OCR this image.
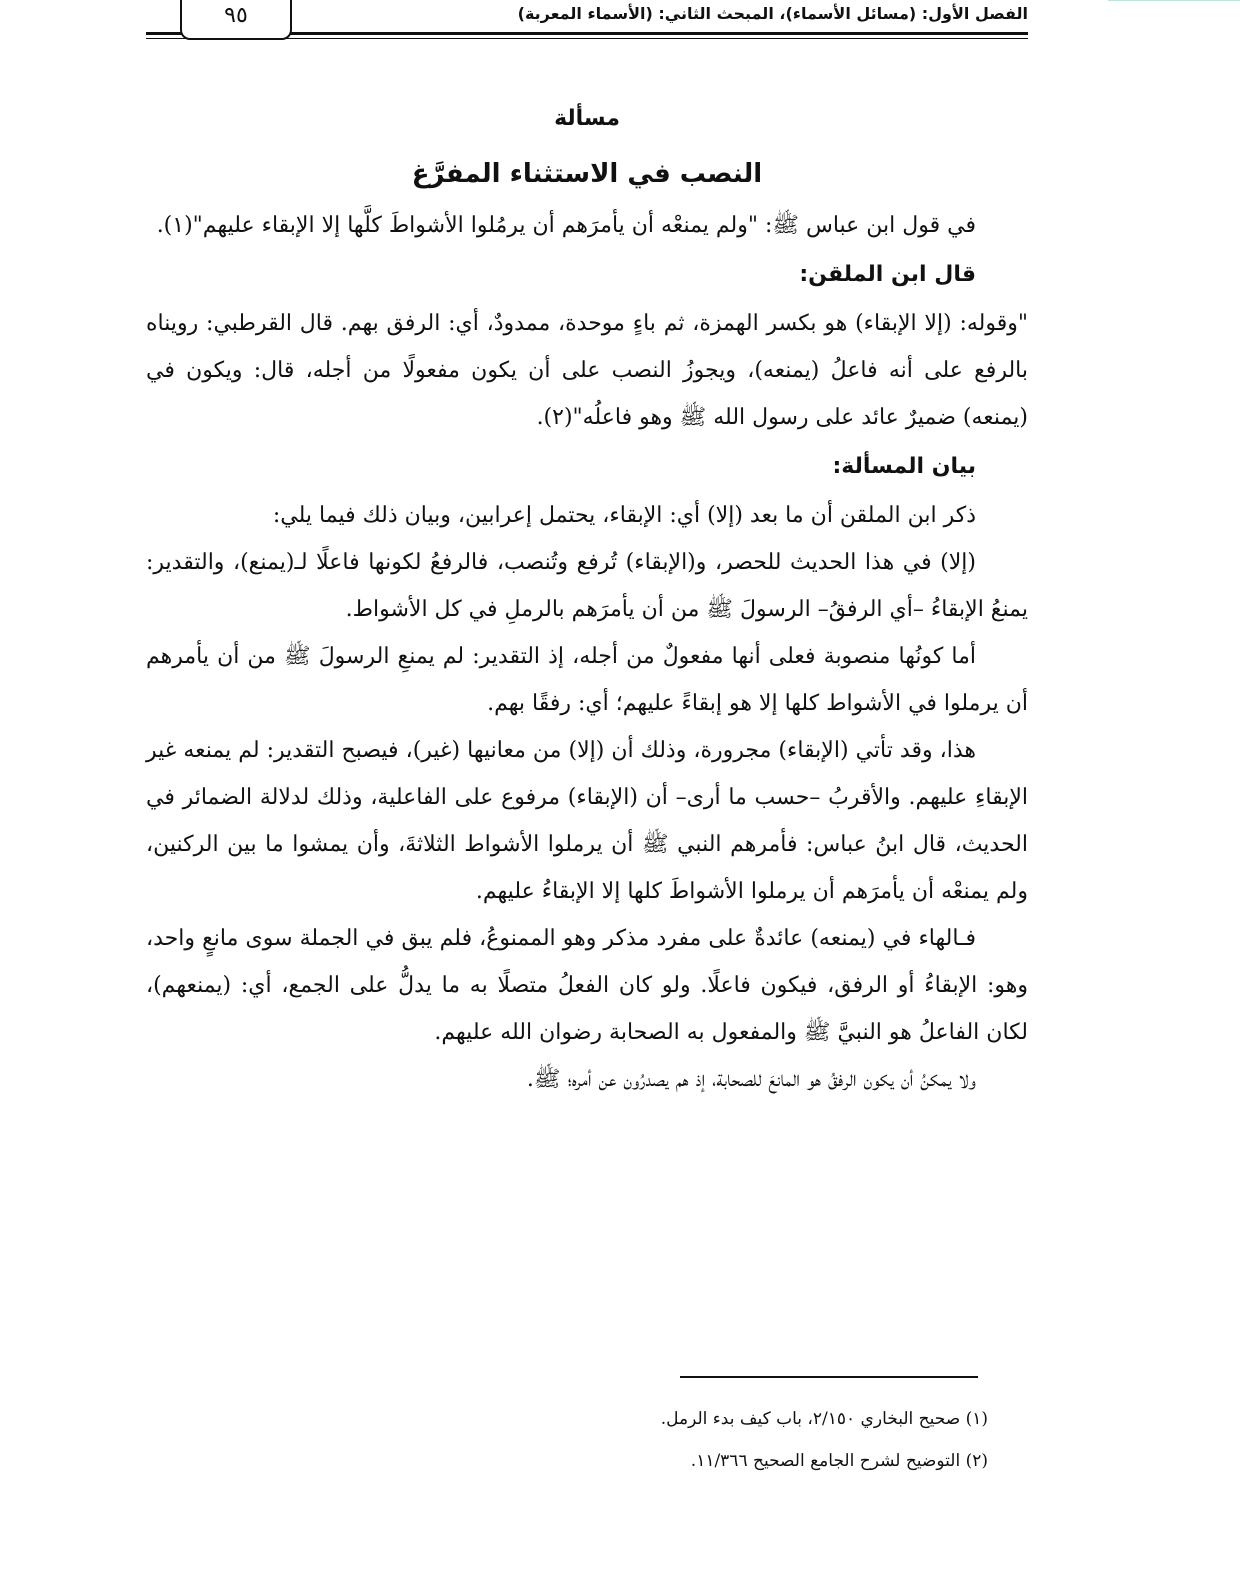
٩٥	الفصل الأول: (مسائل الأسماء)، المبحث الثاني: (الأسماء المعربة)
مسألة
النصب في الاستثناء المفرَّغ

في قول ابن عباس ﷺ: "ولم يمنعْه أن يأمرَهم أن يرمُلوا الأشواطَ كلَّها إلا الإبقاء عليهم"(١).

قال ابن الملقن:

"وقوله: (إلا الإبقاء) هو بكسر الهمزة، ثم باءٍ موحدة، ممدودٌ، أي: الرفق بهم. قال القرطبي: رويناه بالرفع على أنه فاعلُ (يمنعه)، ويجوزُ النصب على أن يكون مفعولًا من أجله، قال: ويكون في (يمنعه) ضميرٌ عائد على رسول الله ﷺ وهو فاعلُه"(٢).

بيان المسألة:

ذكر ابن الملقن أن ما بعد (إلا) أي: الإبقاء، يحتمل إعرابين، وبيان ذلك فيما يلي:

(إلا) في هذا الحديث للحصر، و(الإبقاء) تُرفع وتُنصب، فالرفعُ لكونها فاعلًا لـ(يمنع)، والتقدير: يمنعُ الإبقاءُ –أي الرفقُ– الرسولَ ﷺ من أن يأمرَهم بالرملِ في كل الأشواط.

أما كونُها منصوبة فعلى أنها مفعولٌ من أجله، إذ التقدير: لم يمنعِ الرسولَ ﷺ من أن يأمرهم أن يرملوا في الأشواط كلها إلا هو إبقاءً عليهم؛ أي: رفقًا بهم.

هذا، وقد تأتي (الإبقاء) مجرورة، وذلك أن (إلا) من معانيها (غير)، فيصبح التقدير: لم يمنعه غير الإبقاءِ عليهم. والأقربُ –حسب ما أرى– أن (الإبقاء) مرفوع على الفاعلية، وذلك لدلالة الضمائر في الحديث، قال ابنُ عباس: فأمرهم النبي ﷺ أن يرملوا الأشواط الثلاثةَ، وأن يمشوا ما بين الركنين، ولم يمنعْه أن يأمرَهم أن يرملوا الأشواطَ كلها إلا الإبقاءُ عليهم.

فـالهاء في (يمنعه) عائدةٌ على مفرد مذكر وهو الممنوعُ، فلم يبق في الجملة سوى مانعٍ واحد، وهو: الإبقاءُ أو الرفق، فيكون فاعلًا. ولو كان الفعلُ متصلًا به ما يدلُّ على الجمع، أي: (يمنعهم)، لكان الفاعلُ هو النبيَّ ﷺ والمفعول به الصحابة رضوان الله عليهم.

ولا يمكنُ أن يكون الرفقُ هو المانعَ للصحابة، إذ هم يصدرُون عن أمره؛ ﷺ.

(١) صحيح البخاري ٢/١٥٠، باب كيف بدء الرمل.
(٢) التوضيح لشرح الجامع الصحيح ١١/٣٦٦.
